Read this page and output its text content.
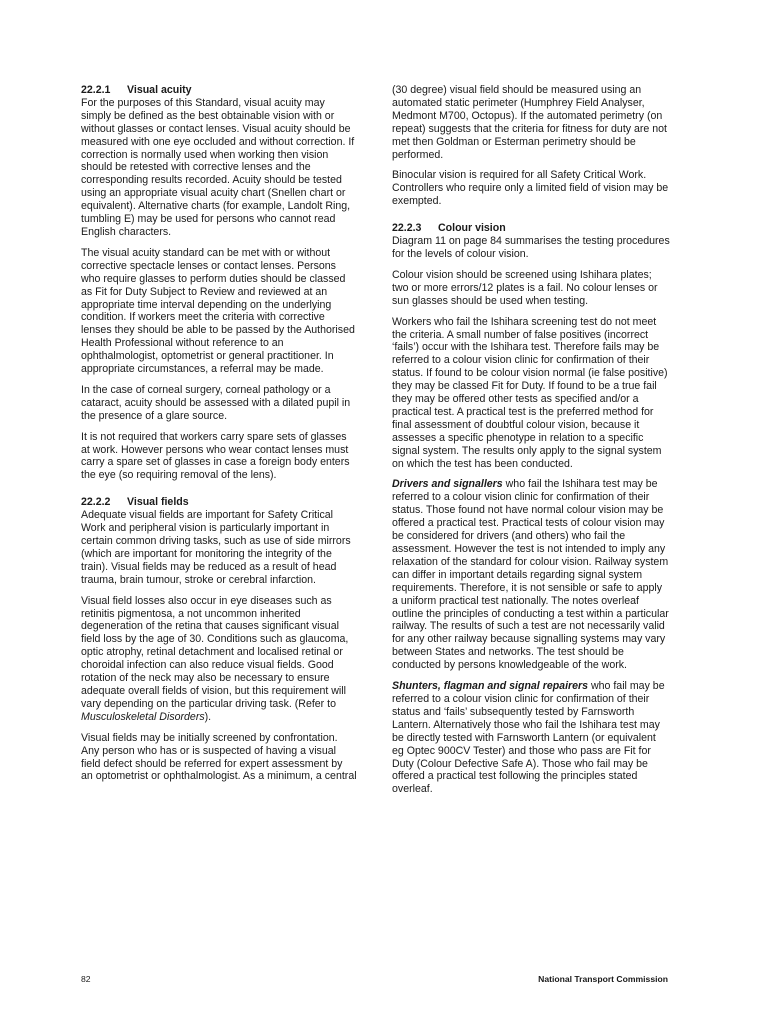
22.2.1 Visual acuity

For the purposes of this Standard, visual acuity may simply be defined as the best obtainable vision with or without glasses or contact lenses. Visual acuity should be measured with one eye occluded and without correction. If correction is normally used when working then vision should be retested with corrective lenses and the corresponding results recorded. Acuity should be tested using an appropriate visual acuity chart (Snellen chart or equivalent). Alternative charts (for example, Landolt Ring, tumbling E) may be used for persons who cannot read English characters.

The visual acuity standard can be met with or without corrective spectacle lenses or contact lenses. Persons who require glasses to perform duties should be classed as Fit for Duty Subject to Review and reviewed at an appropriate time interval depending on the underlying condition. If workers meet the criteria with corrective lenses they should be able to be passed by the Authorised Health Professional without reference to an ophthalmologist, optometrist or general practitioner. In appropriate circumstances, a referral may be made.

In the case of corneal surgery, corneal pathology or a cataract, acuity should be assessed with a dilated pupil in the presence of a glare source.

It is not required that workers carry spare sets of glasses at work. However persons who wear contact lenses must carry a spare set of glasses in case a foreign body enters the eye (so requiring removal of the lens).

22.2.2 Visual fields

Adequate visual fields are important for Safety Critical Work and peripheral vision is particularly important in certain common driving tasks, such as use of side mirrors (which are important for monitoring the integrity of the train). Visual fields may be reduced as a result of head trauma, brain tumour, stroke or cerebral infarction.

Visual field losses also occur in eye diseases such as retinitis pigmentosa, a not uncommon inherited degeneration of the retina that causes significant visual field loss by the age of 30. Conditions such as glaucoma, optic atrophy, retinal detachment and localised retinal or choroidal infection can also reduce visual fields. Good rotation of the neck may also be necessary to ensure adequate overall fields of vision, but this requirement will vary depending on the particular driving task. (Refer to Musculoskeletal Disorders).

Visual fields may be initially screened by confrontation. Any person who has or is suspected of having a visual field defect should be referred for expert assessment by an optometrist or ophthalmologist. As a minimum, a central

(30 degree) visual field should be measured using an automated static perimeter (Humphrey Field Analyser, Medmont M700, Octopus). If the automated perimetry (on repeat) suggests that the criteria for fitness for duty are not met then Goldman or Esterman perimetry should be performed.

Binocular vision is required for all Safety Critical Work. Controllers who require only a limited field of vision may be exempted.

22.2.3 Colour vision

Diagram 11 on page 84 summarises the testing procedures for the levels of colour vision.

Colour vision should be screened using Ishihara plates; two or more errors/12 plates is a fail. No colour lenses or sun glasses should be used when testing.

Workers who fail the Ishihara screening test do not meet the criteria. A small number of false positives (incorrect ‘fails’) occur with the Ishihara test. Therefore fails may be referred to a colour vision clinic for confirmation of their status. If found to be colour vision normal (ie false positive) they may be classed Fit for Duty. If found to be a true fail they may be offered other tests as specified and/or a practical test. A practical test is the preferred method for final assessment of doubtful colour vision, because it assesses a specific phenotype in relation to a specific signal system. The results only apply to the signal system on which the test has been conducted.

Drivers and signallers who fail the Ishihara test may be referred to a colour vision clinic for confirmation of their status. Those found not have normal colour vision may be offered a practical test. Practical tests of colour vision may be considered for drivers (and others) who fail the assessment. However the test is not intended to imply any relaxation of the standard for colour vision. Railway system can differ in important details regarding signal system requirements. Therefore, it is not sensible or safe to apply a uniform practical test nationally. The notes overleaf outline the principles of conducting a test within a particular railway. The results of such a test are not necessarily valid for any other railway because signalling systems may vary between States and networks. The test should be conducted by persons knowledgeable of the work.

Shunters, flagman and signal repairers who fail may be referred to a colour vision clinic for confirmation of their status and ‘fails’ subsequently tested by Farnsworth Lantern. Alternatively those who fail the Ishihara test may be directly tested with Farnsworth Lantern (or equivalent eg Optec 900CV Tester) and those who pass are Fit for Duty (Colour Defective Safe A). Those who fail may be offered a practical test following the principles stated overleaf.

82	National Transport Commission
